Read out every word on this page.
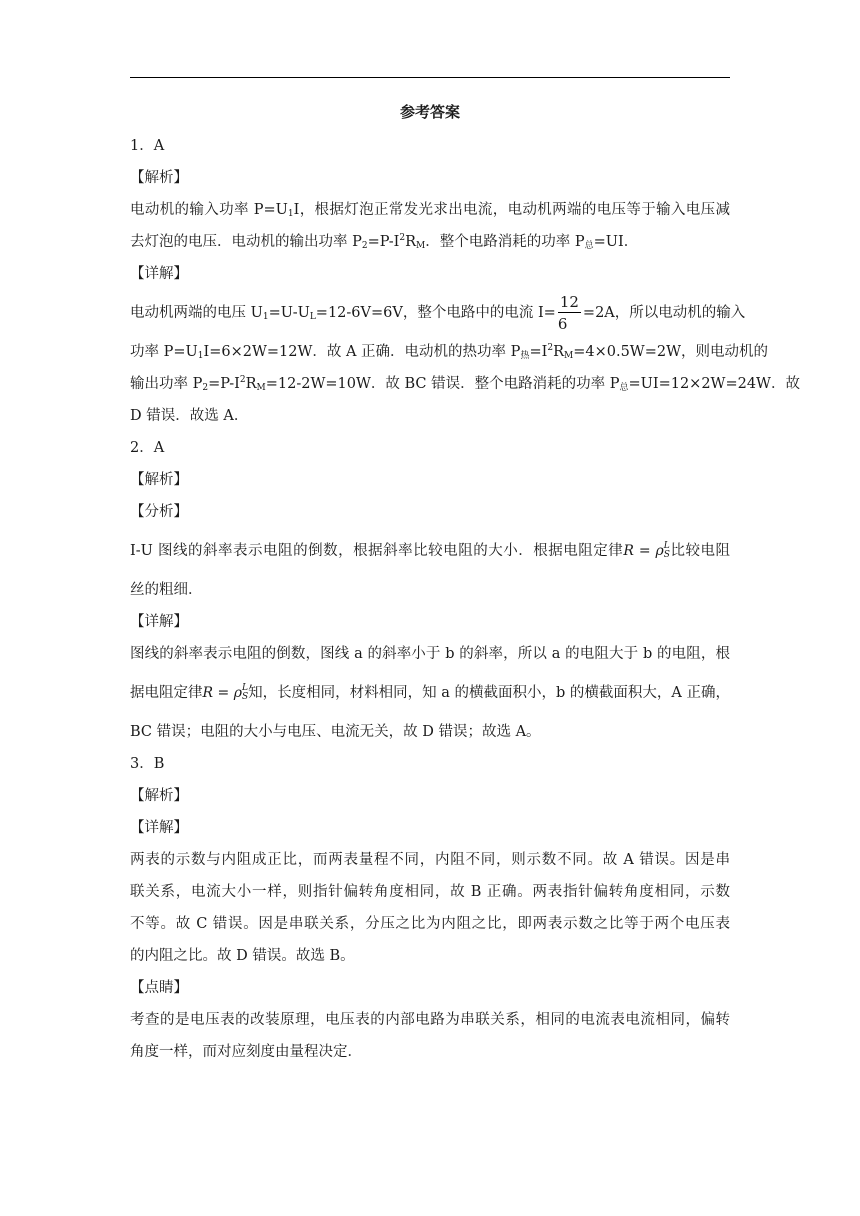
参考答案
1．A
【解析】
电动机的输入功率 $P=U_1I$，根据灯泡正常发光求出电流，电动机两端的电压等于输入电压减
去灯泡的电压．电动机的输出功率 $P_2=P-I^2R_M$．整个电路消耗的功率 $P_总=UI$．
【详解】
电动机两端的电压 $U_1=U-U_L=12-6V=6V$，整个电路中的电流 $I= \frac{12}{6} =2A$，所以电动机的输入
功率 $P=U_1I=6\times 2W=12W$．故 A 正确．电动机的热功率 $P_热=I^2R_M=4\times 0.5W=2W$，则电动机的
输出功率 $P_2=P-I^2R_M=12-2W=10W$．故 BC 错误．整个电路消耗的功率 $P_总=UI=12\times 2W=24W$．故
D 错误．故选 A．
2．A
【解析】
【分析】
I-U 图线的斜率表示电阻的倒数，根据斜率比较电阻的大小．根据电阻定律R = ρ L
S 比较电阻
丝的粗细．
【详解】
图线的斜率表示电阻的倒数，图线 a 的斜率小于 b 的斜率，所以 a 的电阻大于 b 的电阻，根
据电阻定律R = ρ L
S 知，长度相同，材料相同，知 a 的横截面积小，b 的横截面积大，A 正确，
BC 错误；电阻的大小与电压、电流无关，故 D 错误；故选 A。
3．B
【解析】
【详解】
两表的示数与内阻成正比，而两表量程不同，内阻不同，则示数不同。故 A 错误。因是串
联关系，电流大小一样，则指针偏转角度相同，故 B 正确。两表指针偏转角度相同，示数
不等。故 C 错误。因是串联关系，分压之比为内阻之比，即两表示数之比等于两个电压表
的内阻之比。故 D 错误。故选 B。
【点睛】
考查的是电压表的改装原理，电压表的内部电路为串联关系，相同的电流表电流相同，偏转
角度一样，而对应刻度由量程决定．
